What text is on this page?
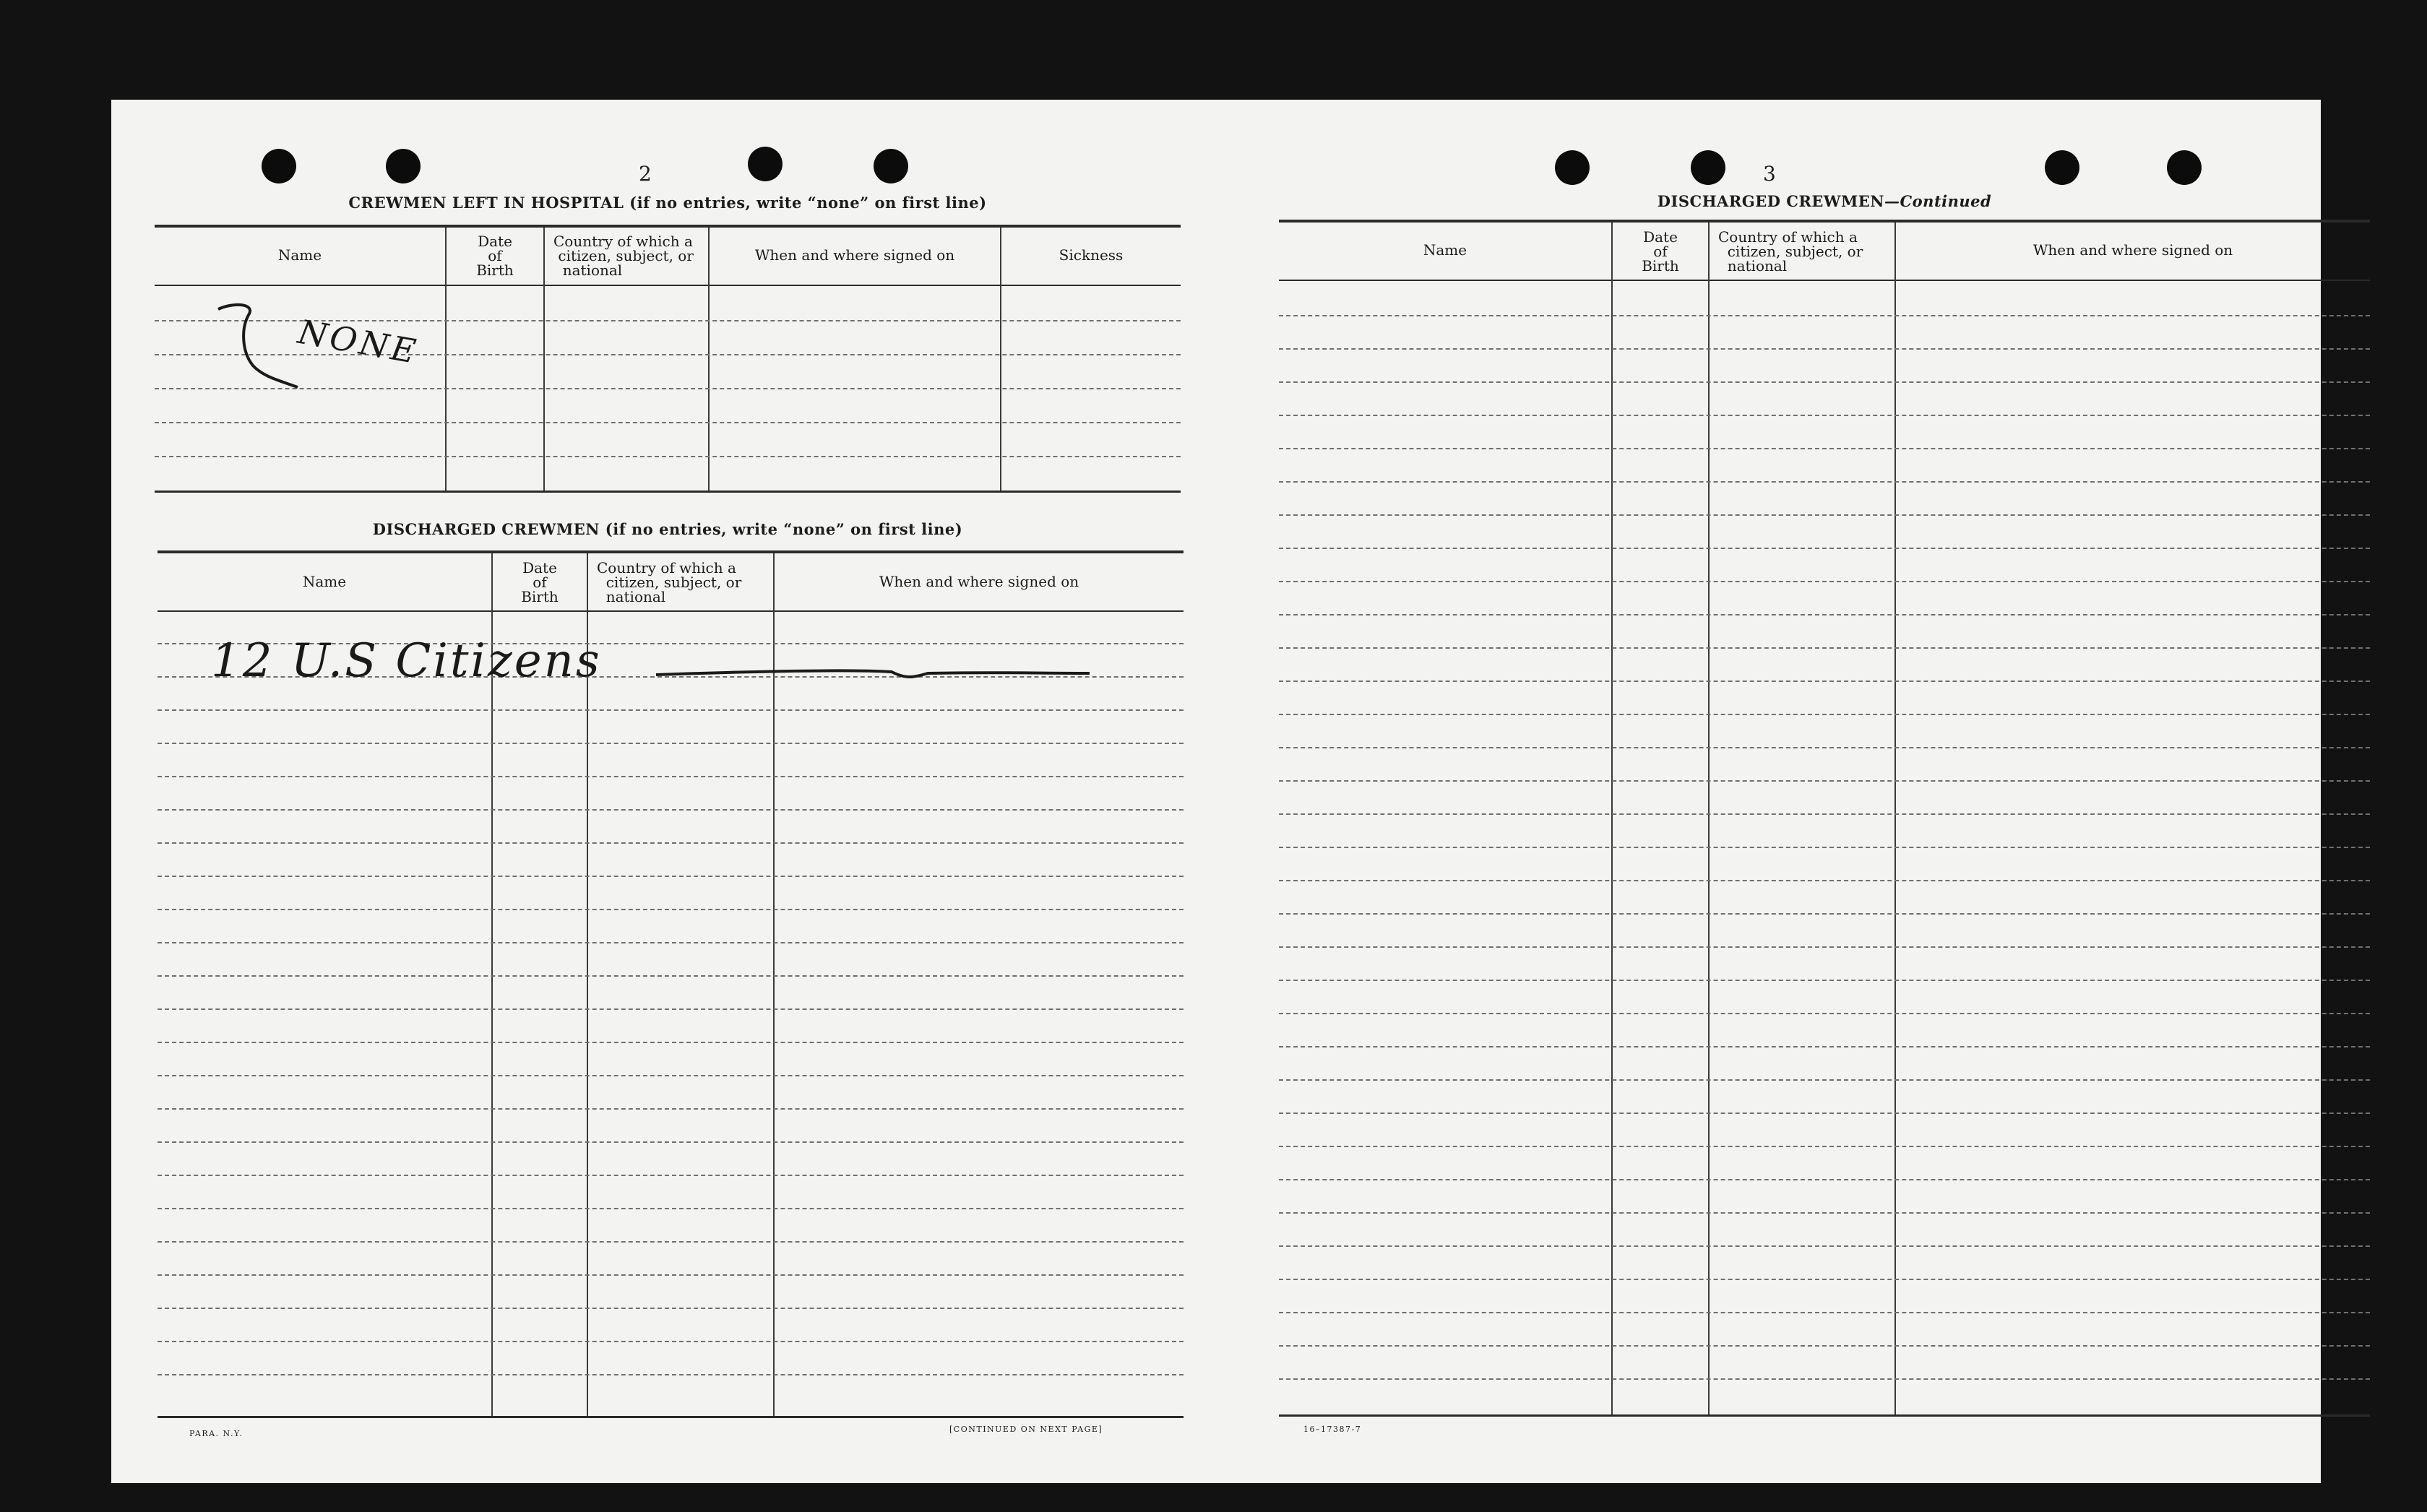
2
CREWMEN LEFT IN HOSPITAL (if no entries, write “none” on first line)
Name
Date
of
Birth
Country of which a
citizen, subject, or
national
When and where signed on	Sickness
NONE
DISCHARGED CREWMEN (if no entries, write “none” on first line)
Name
Date
of
Birth
Country of which a
citizen, subject, or
national
When and where signed on
12 U.S Citizens
PARA. N.Y.	[CONTINUED ON NEXT PAGE]
3
DISCHARGED CREWMEN—Continued
Name
Date
of
Birth
Country of which a
citizen, subject, or
national
When and where signed on
16–17387-7
